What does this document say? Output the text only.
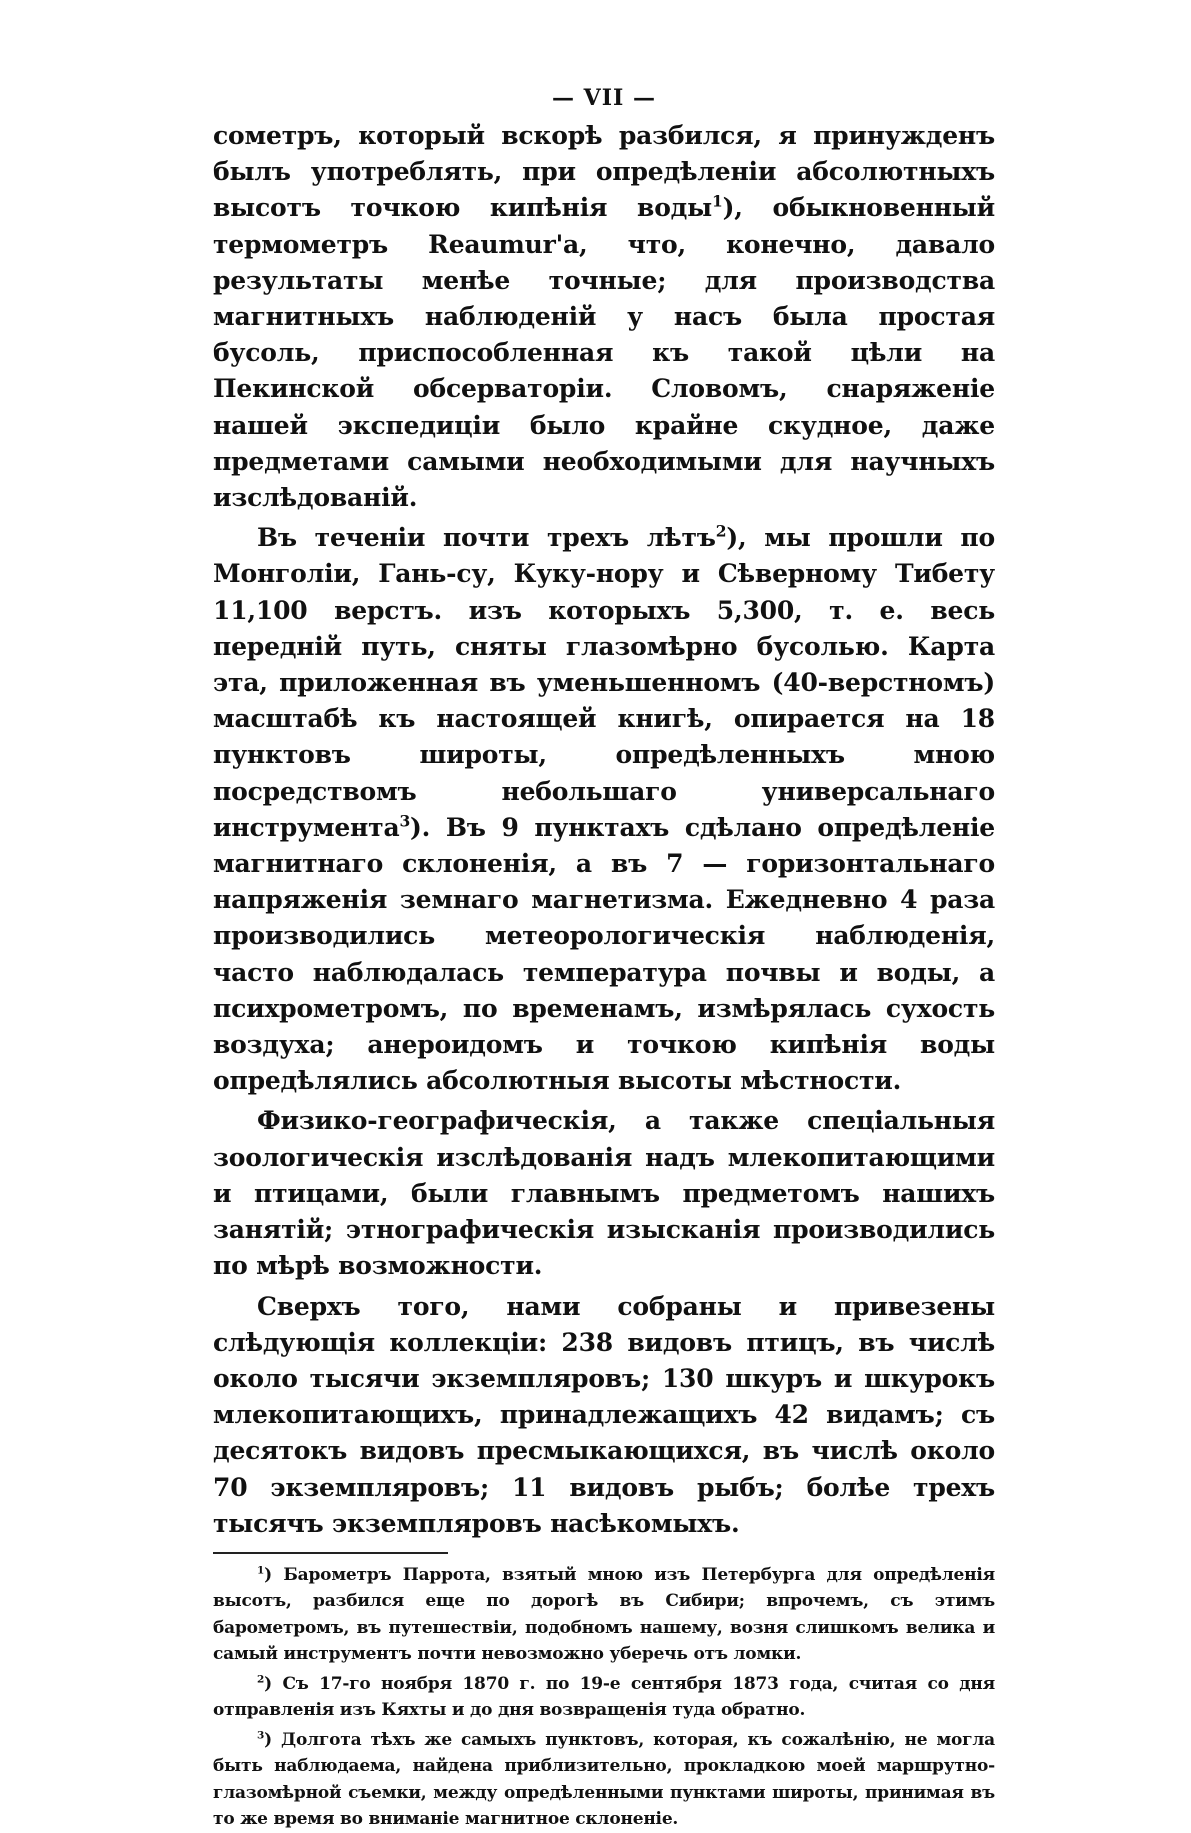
— VII —

сометръ, который вскорѣ разбился, я принужденъ былъ употреблять, при опредѣленіи абсолютныхъ высотъ точкою кипѣнія воды$^1$), обыкновенный термометръ Reaumur'а, что, конечно, давало результаты менѣе точные; для производства магнитныхъ наблюденій у насъ была простая бусоль, приспособленная къ такой цѣли на Пекинской обсерваторіи. Словомъ, снаряженіе нашей экспедиціи было крайне скудное, даже предметами самыми необходимыми для научныхъ изслѣдованій.

Въ теченіи почти трехъ лѣтъ$^2$), мы прошли по Монголіи, Гань-су, Куку-нору и Сѣверному Тибету 11,100 верстъ. изъ которыхъ 5,300, т. е. весь передній путь, сняты глазомѣрно бусолью. Карта эта, приложенная въ уменьшенномъ (40-верстномъ) масштабѣ къ настоящей книгѣ, опирается на 18 пунктовъ широты, опредѣленныхъ мною посредствомъ небольшаго универсальнаго инструмента$^3$). Въ 9 пунктахъ сдѣлано опредѣленіе магнитнаго склоненія, а въ 7 — горизонтальнаго напряженія земнаго магнетизма. Ежедневно 4 раза производились метеорологическія наблюденія, часто наблюдалась температура почвы и воды, а психрометромъ, по временамъ, измѣрялась сухость воздуха; анероидомъ и точкою кипѣнія воды опредѣлялись абсолютныя высоты мѣстности.

Физико-географическія, а также спеціальныя зоологическія изслѣдованія надъ млекопитающими и птицами, были главнымъ предметомъ нашихъ занятій; этнографическія изысканія производились по мѣрѣ возможности.

Сверхъ того, нами собраны и привезены слѣдующія коллекціи: 238 видовъ птицъ, въ числѣ около тысячи экземпляровъ; 130 шкуръ и шкурокъ млекопитающихъ, принадлежащихъ 42 видамъ; съ десятокъ видовъ пресмыкающихся, въ числѣ около 70 экземпляровъ; 11 видовъ рыбъ; болѣе трехъ тысячъ экземпляровъ насѣкомыхъ.

$^1$) Барометръ Паррота, взятый мною изъ Петербурга для опредѣленія высотъ, разбился еще по дорогѣ въ Сибири; впрочемъ, съ этимъ барометромъ, въ путешествіи, подобномъ нашему, возня слишкомъ велика и самый инструментъ почти невозможно уберечь отъ ломки.

$^2$) Съ 17-го ноября 1870 г. по 19-е сентября 1873 года, считая со дня отправленія изъ Кяхты и до дня возвращенія туда обратно.

$^3$) Долгота тѣхъ же самыхъ пунктовъ, которая, къ сожалѣнію, не могла быть наблюдаема, найдена приблизительно, прокладкою моей маршрутно-глазомѣрной съемки, между опредѣленными пунктами широты, принимая въ то же время во вниманіе магнитное склоненіе.
